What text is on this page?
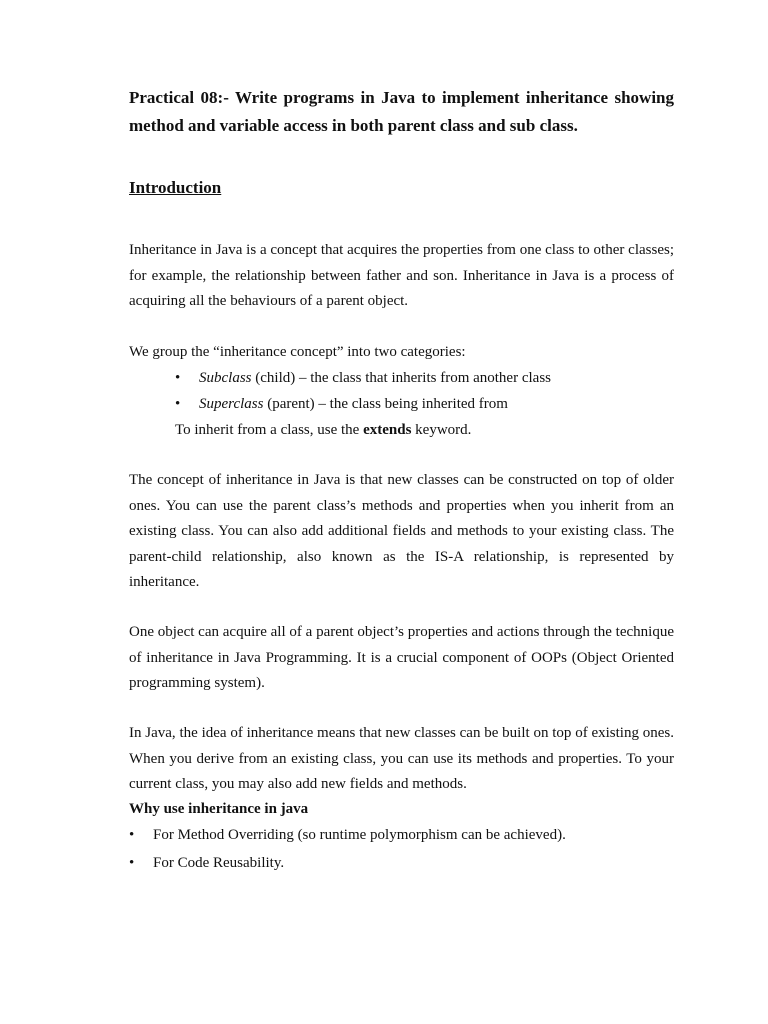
Practical 08:- Write programs in Java to implement inheritance showing method and variable access in both parent class and sub class.

Introduction

Inheritance in Java is a concept that acquires the properties from one class to other classes; for example, the relationship between father and son. Inheritance in Java is a process of acquiring all the behaviours of a parent object.

We group the “inheritance concept” into two categories:

• Subclass (child) – the class that inherits from another class
• Superclass (parent) – the class being inherited from

To inherit from a class, use the extends keyword.

The concept of inheritance in Java is that new classes can be constructed on top of older ones. You can use the parent class’s methods and properties when you inherit from an existing class. You can also add additional fields and methods to your existing class. The parent-child relationship, also known as the IS-A relationship, is represented by inheritance.

One object can acquire all of a parent object’s properties and actions through the technique of inheritance in Java Programming. It is a crucial component of OOPs (Object Oriented programming system).

In Java, the idea of inheritance means that new classes can be built on top of existing ones. When you derive from an existing class, you can use its methods and properties. To your current class, you may also add new fields and methods.

Why use inheritance in java

• For Method Overriding (so runtime polymorphism can be achieved).
• For Code Reusability.
